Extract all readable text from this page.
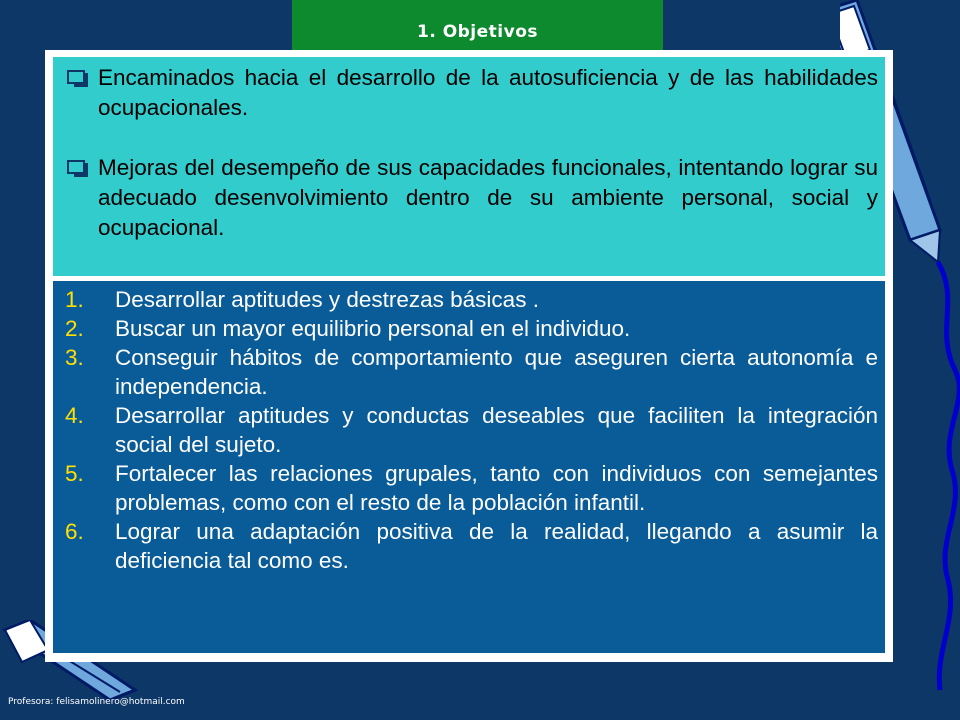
1. Objetivos
Encaminados hacia el desarrollo de la autosuficiencia y de las habilidades ocupacionales.
Mejoras del desempeño de sus capacidades funcionales, intentando lograr su adecuado desenvolvimiento dentro de su ambiente personal, social y ocupacional.
1.	Desarrollar aptitudes y destrezas básicas .
2.	Buscar un mayor equilibrio personal en el individuo.
3.	Conseguir hábitos de comportamiento que aseguren cierta autonomía e independencia.
4.	Desarrollar aptitudes y conductas deseables que faciliten la integración social del sujeto.
5.	Fortalecer las relaciones grupales, tanto con individuos con semejantes problemas, como con el resto de la población infantil.
6.	Lograr una adaptación positiva de la realidad, llegando a asumir la deficiencia tal como es.
Profesora: felisamolinero@hotmail.com
